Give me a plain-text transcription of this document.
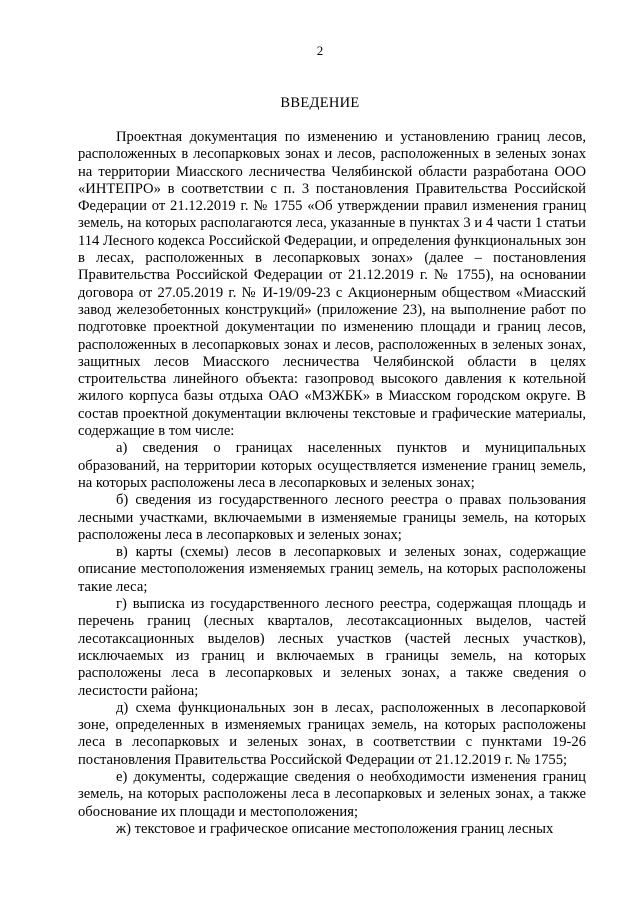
2
ВВЕДЕНИЕ

Проектная документация по изменению и установлению границ лесов, расположенных в лесопарковых зонах и лесов, расположенных в зеленых зонах на территории Миасского лесничества Челябинской области разработана ООО «ИНТЕПРО» в соответствии с п. 3 постановления Правительства Российской Федерации от 21.12.2019 г. № 1755 «Об утверждении правил изменения границ земель, на которых располагаются леса, указанные в пунктах 3 и 4 части 1 статьи 114 Лесного кодекса Российской Федерации, и определения функциональных зон в лесах, расположенных в лесопарковых зонах» (далее – постановления Правительства Российской Федерации от 21.12.2019 г. № 1755), на основании договора от 27.05.2019 г. № И-19/09-23 с Акционерным обществом «Миасский завод железобетонных конструкций» (приложение 23), на выполнение работ по подготовке проектной документации по изменению площади и границ лесов, расположенных в лесопарковых зонах и лесов, расположенных в зеленых зонах, защитных лесов Миасского лесничества Челябинской области в целях строительства линейного объекта: газопровод высокого давления к котельной жилого корпуса базы отдыха ОАО «МЗЖБК» в Миасском городском округе. В состав проектной документации включены текстовые и графические материалы, содержащие в том числе:

а) сведения о границах населенных пунктов и муниципальных образований, на территории которых осуществляется изменение границ земель, на которых расположены леса в лесопарковых и зеленых зонах;

б) сведения из государственного лесного реестра о правах пользования лесными участками, включаемыми в изменяемые границы земель, на которых расположены леса в лесопарковых и зеленых зонах;

в) карты (схемы) лесов в лесопарковых и зеленых зонах, содержащие описание местоположения изменяемых границ земель, на которых расположены такие леса;

г) выписка из государственного лесного реестра, содержащая площадь и перечень границ (лесных кварталов, лесотаксационных выделов, частей лесотаксационных выделов) лесных участков (частей лесных участков), исключаемых из границ и включаемых в границы земель, на которых расположены леса в лесопарковых и зеленых зонах, а также сведения о лесистости района;

д) схема функциональных зон в лесах, расположенных в лесопарковой зоне, определенных в изменяемых границах земель, на которых расположены леса в лесопарковых и зеленых зонах, в соответствии с пунктами 19-26 постановления Правительства Российской Федерации от 21.12.2019 г. № 1755;

е) документы, содержащие сведения о необходимости изменения границ земель, на которых расположены леса в лесопарковых и зеленых зонах, а также обоснование их площади и местоположения;

ж) текстовое и графическое описание местоположения границ лесных
